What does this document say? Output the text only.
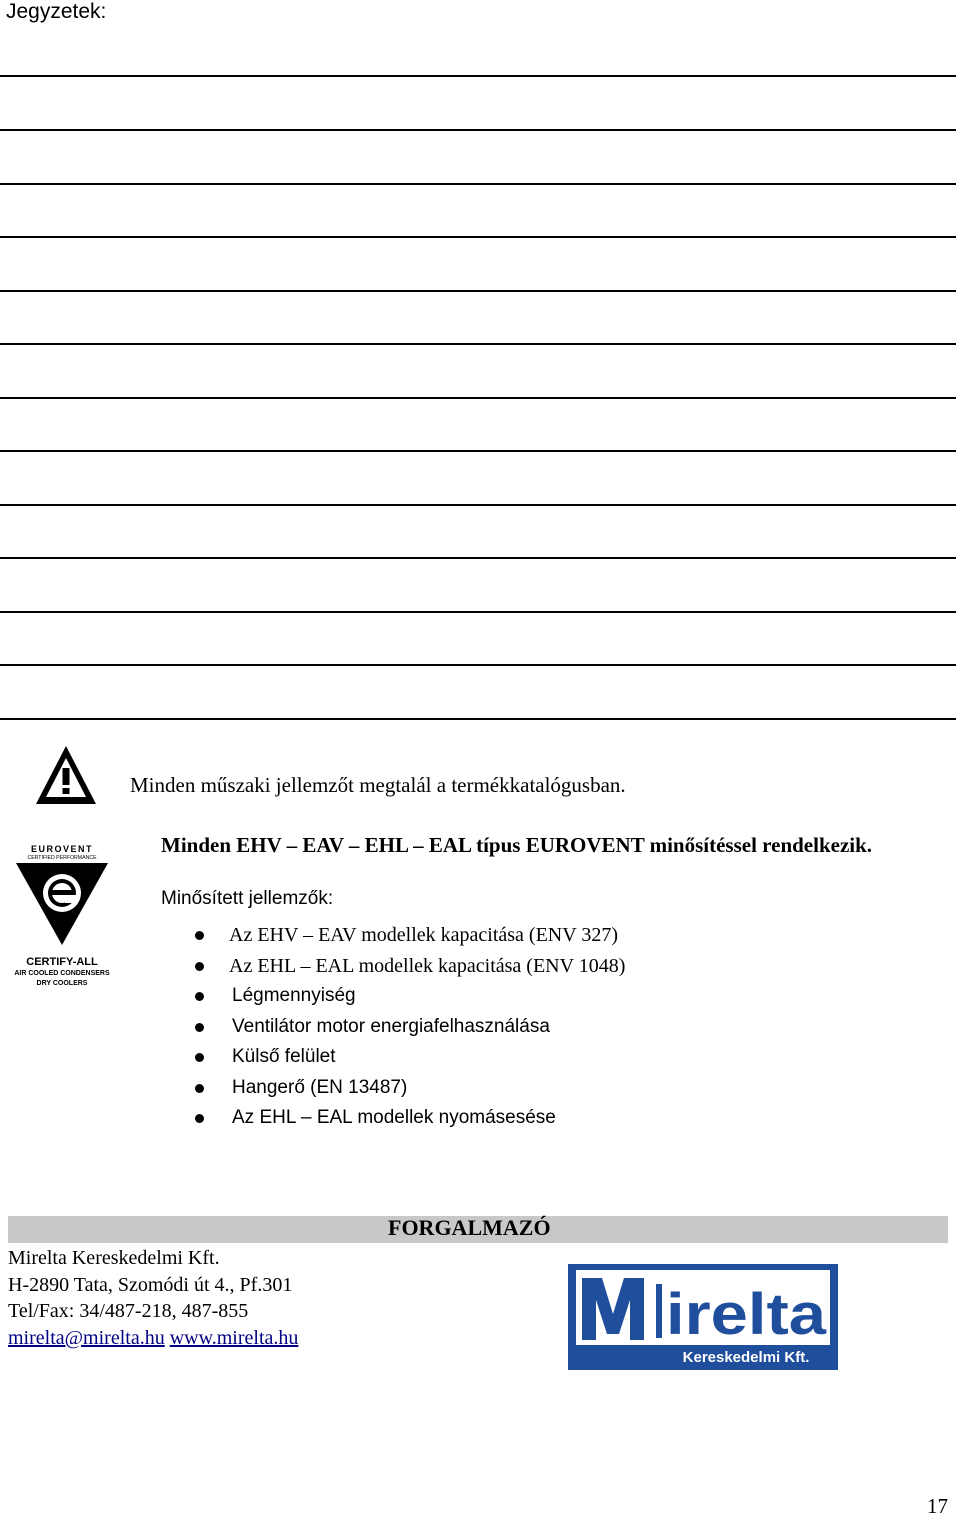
Jegyzetek:
Minden műszaki jellemzőt megtalál a termékkatalógusban.
EUROVENT
CERTIFIED PERFORMANCE
CERTIFY-ALL
AIR COOLED CONDENSERS
DRY COOLERS
Minden EHV – EAV – EHL – EAL típus EUROVENT minősítéssel rendelkezik.
Minősített jellemzők:
Az EHV – EAV modellek kapacitása (ENV 327)
Az EHL – EAL modellek kapacitása (ENV 1048)
Légmennyiség
Ventilátor motor energiafelhasználása
Külső felület
Hangerő (EN 13487)
Az EHL – EAL modellek nyomásesése
FORGALMAZÓ
Mirelta Kereskedelmi Kft.
H-2890 Tata, Szomódi út 4., Pf.301
Tel/Fax: 34/487-218, 487-855
mirelta@mirelta.hu www.mirelta.hu	irelta
Kereskedelmi Kft.
17
